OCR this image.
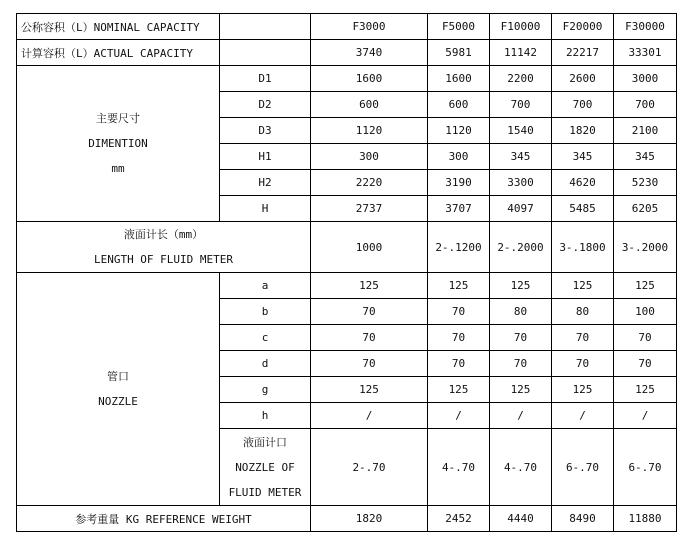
公称容积（L）NOMINAL CAPACITY		F3000	F5000	F10000	F20000	F30000
计算容积（L）ACTUAL CAPACITY		3740	5981	11142	22217	33301

主要尺寸
DIMENTION
mm	D1	1600	1600	2200	2600	3000
	D2	600	600	700	700	700
	D3	1120	1120	1540	1820	2100
	H1	300	300	345	345	345
	H2	2220	3190	3300	4620	5230
	H	2737	3707	4097	5485	6205

液面计长（mm）
LENGTH OF FLUID METER		1000	2-.1200	2-.2000	3-.1800	3-.2000

管口
NOZZLE	a	125	125	125	125	125
	b	70	70	80	80	100
	c	70	70	70	70	70
	d	70	70	70	70	70
	g	125	125	125	125	125
	h	/	/	/	/	/

	液面计口
NOZZLE OF
FLUID METER	2-.70	4-.70	4-.70	6-.70	6-.70
参考重量 KG REFERENCE WEIGHT		1820	2452	4440	8490	11880
